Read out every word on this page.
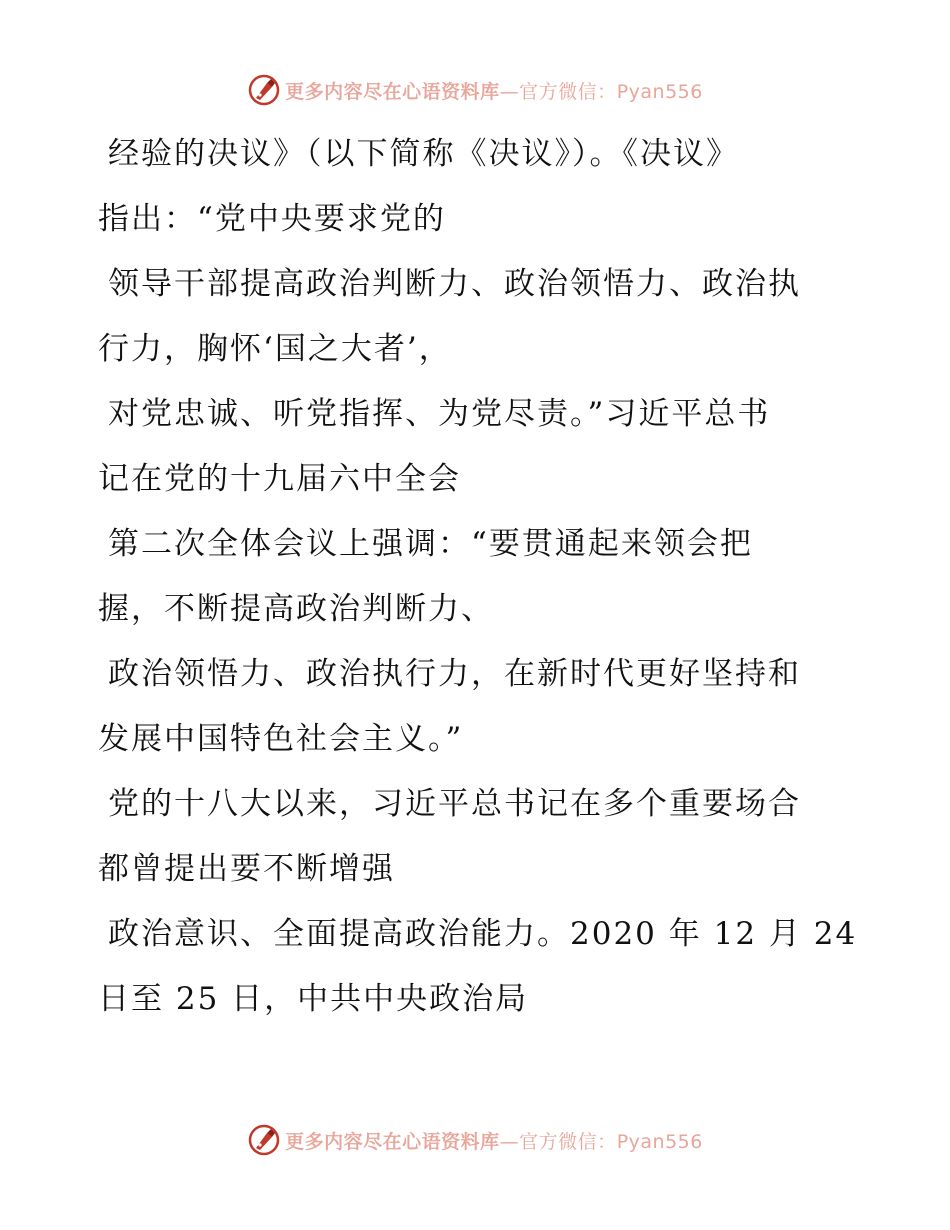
更多内容尽在心语资料库—官方微信：Pyan556
经验的决议》（以下简称《决议》）。《决议》
指出：“党中央要求党的
领导干部提高政治判断力、政治领悟力、政治执
行力，胸怀‘国之大者’，
对党忠诚、听党指挥、为党尽责。”习近平总书
记在党的十九届六中全会
第二次全体会议上强调：“要贯通起来领会把
握，不断提高政治判断力、
政治领悟力、政治执行力，在新时代更好坚持和
发展中国特色社会主义。”
党的十八大以来，习近平总书记在多个重要场合
都曾提出要不断增强
政治意识、全面提高政治能力。2020 年 12 月 24
日至 25 日，中共中央政治局
更多内容尽在心语资料库—官方微信：Pyan556
